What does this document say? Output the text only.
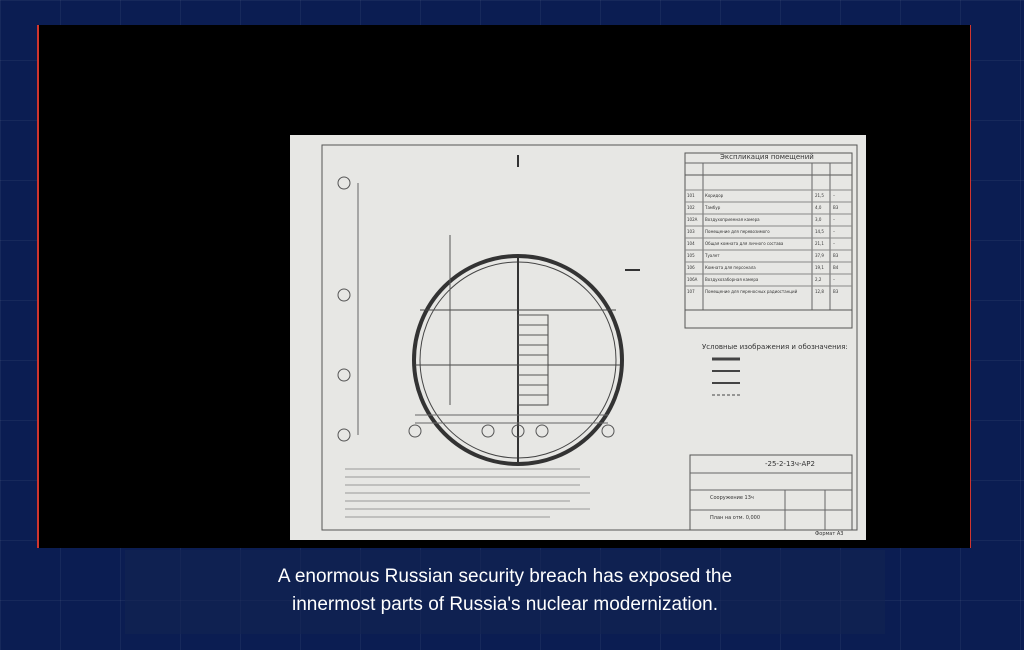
Экспликация помещений
Условные изображения и обозначения:
-25-2-13ч-АР2
Сооружение 13ч
План на отм. 0,000
Формат А3
101	Коридор	21,5 –
102	Тамбур	4,0	В3
102А Воздухоприемная камера	3,0	–
103	Помещение для перевозимого	14,5 –
104	Общая комната для личного состава	21,1 –
105	Туалет	37,9 В3
106	Комната для персонала	19,1 В4
106А Воздухозаборная камера	2,2	–
107	Помещение для переносных радиостанций	12,8 В3
A enormous Russian security breach has exposed the
innermost parts of Russia's nuclear modernization.
